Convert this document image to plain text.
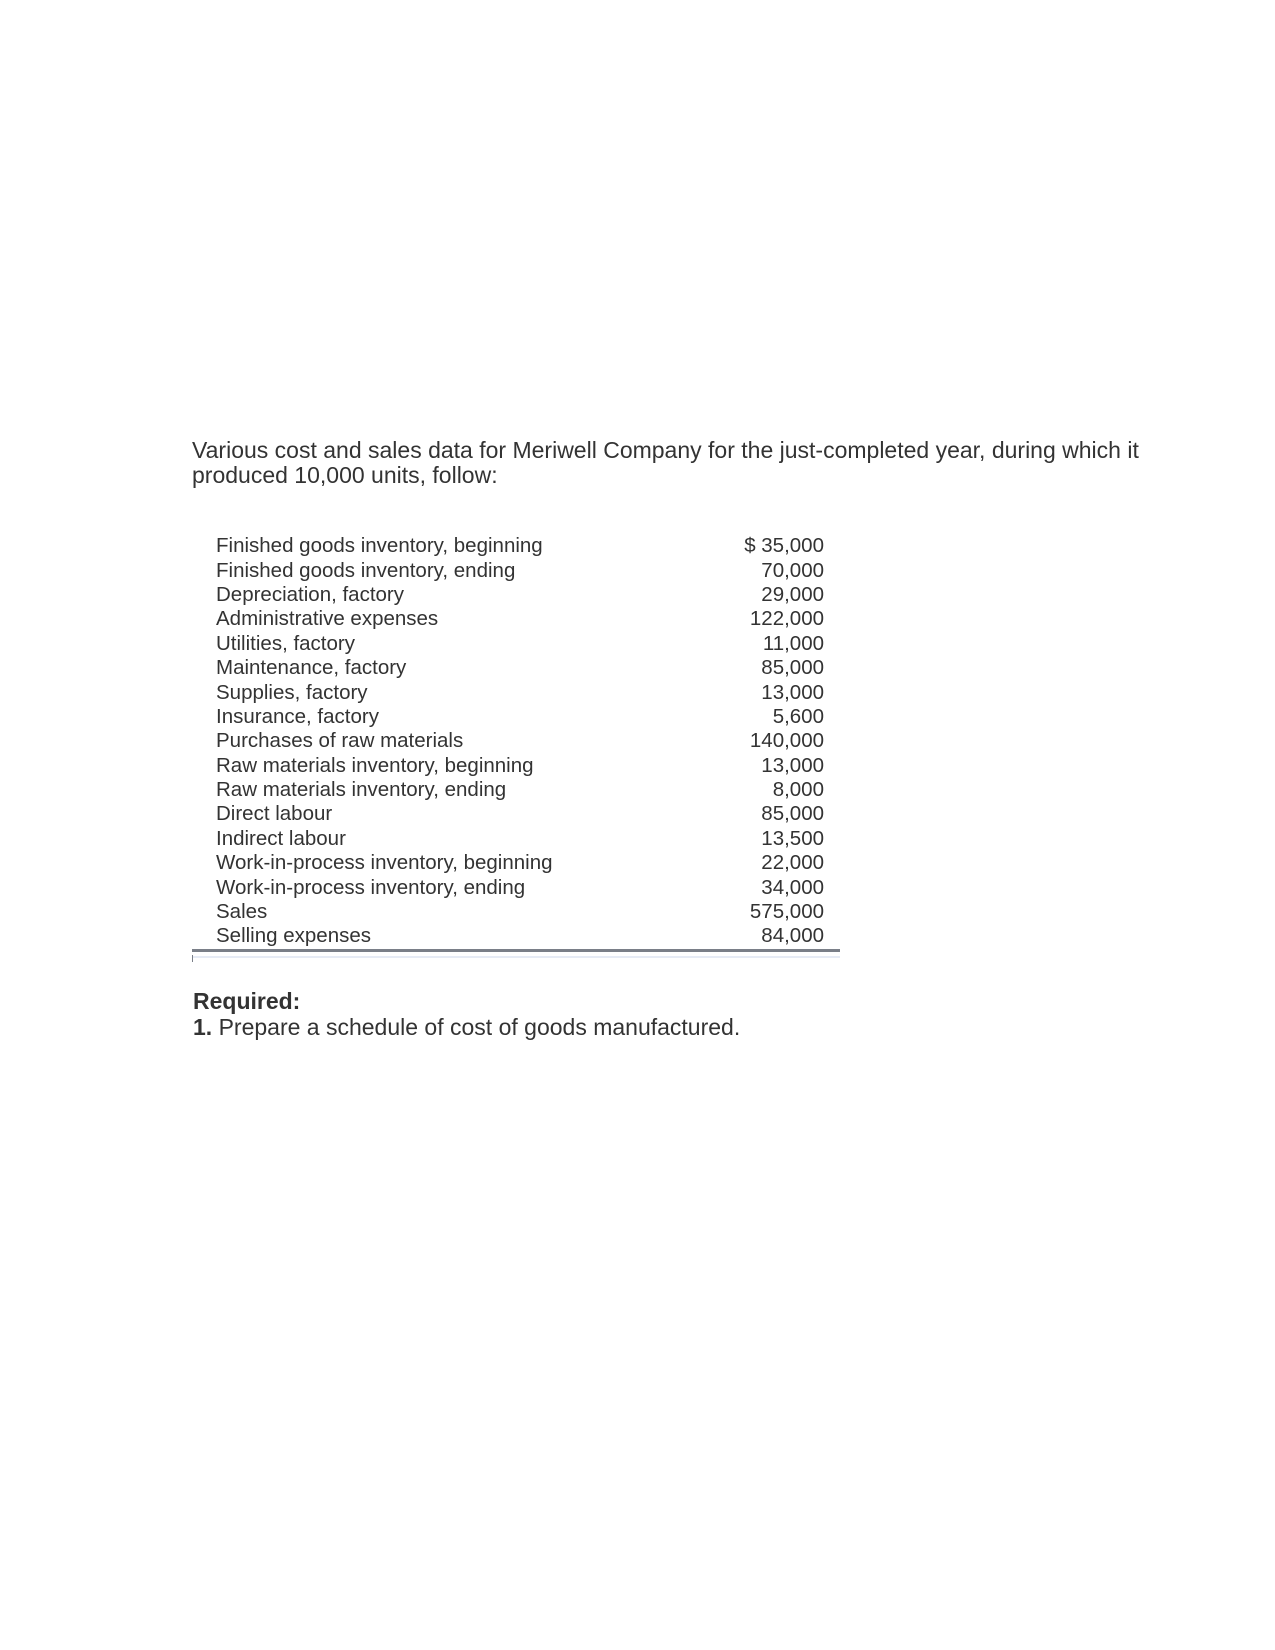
Various cost and sales data for Meriwell Company for the just-completed year, during which it produced 10,000 units, follow:

Finished goods inventory, beginning	$ 35,000
Finished goods inventory, ending	70,000
Depreciation, factory	29,000
Administrative expenses	122,000
Utilities, factory	11,000
Maintenance, factory	85,000
Supplies, factory	13,000
Insurance, factory	5,600
Purchases of raw materials	140,000
Raw materials inventory, beginning	13,000
Raw materials inventory, ending	8,000
Direct labour	85,000
Indirect labour	13,500
Work-in-process inventory, beginning	22,000
Work-in-process inventory, ending	34,000
Sales	575,000
Selling expenses	84,000
Required:
1. Prepare a schedule of cost of goods manufactured.
